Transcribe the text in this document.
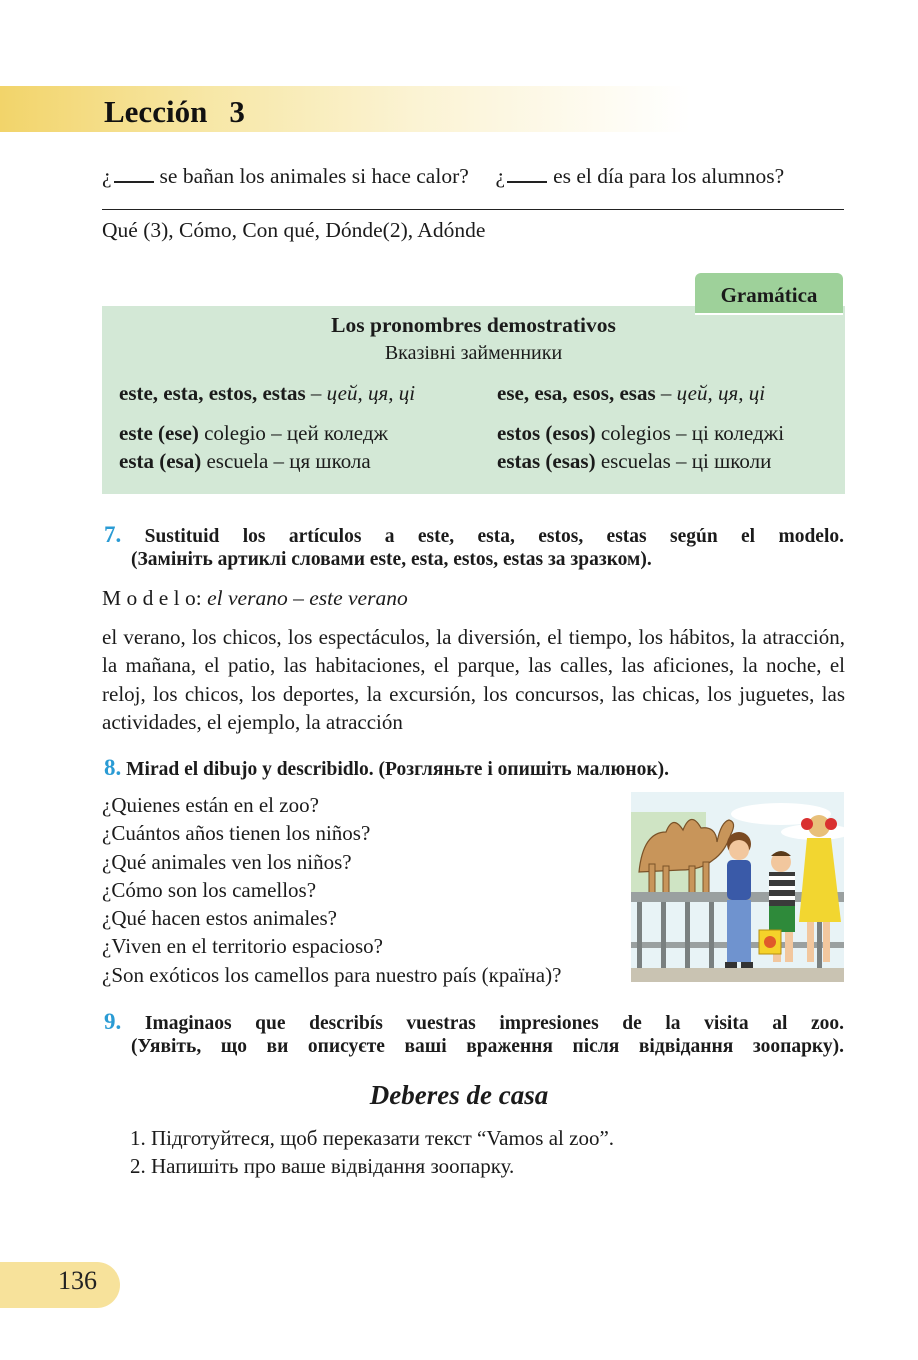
Lección 3
¿ se bañan los animales si hace calor? ¿ es el día para los alumnos?
Qué (3), Cómo, Con qué, Dónde(2), Adónde
Gramática
Los pronombres demostrativos
Вказівні займенники
este, esta, estos, estas – цей, ця, ці	ese, esa, esos, esas – цей, ця, ці
este (ese) colegio – цей коледж	estos (esos) colegios – ці коледжі
esta (esa) escuela – ця школа	estas (esas) escuelas – ці школи
7. Sustituid los artículos a este, esta, estos, estas según el modelo.
(Замініть артиклі словами este, esta, estos, estas за зразком).
M o d e l o: el verano – este verano
el verano, los chicos, los espectáculos, la diversión, el tiempo, los hábitos, la atracción, la mañana, el patio, las habitaciones, el parque, las calles, las aficiones, la noche, el reloj, los chicos, los deportes, la excursión, los concursos, las chicas, los juguetes, las actividades, el ejemplo, la atracción
8. Mirad el dibujo y describidlo. (Розгляньте і опишіть малюнок).
¿Quienes están en el zoo?
¿Cuántos años tienen los niños?
¿Qué animales ven los niños?
¿Cómo son los camellos?
¿Qué hacen estos animales?
¿Viven en el territorio espacioso?
¿Son exóticos los camellos para nuestro país (країна)?
9. Imaginaos que describís vuestras impresiones de la visita al zoo.
(Уявіть, що ви описуєте ваші враження після відвідання зоопарку).
Deberes de casa
1. Підготуйтеся, щоб переказати текст “Vamos al zoo”.
2. Напишіть про ваше відвідання зоопарку.
136
